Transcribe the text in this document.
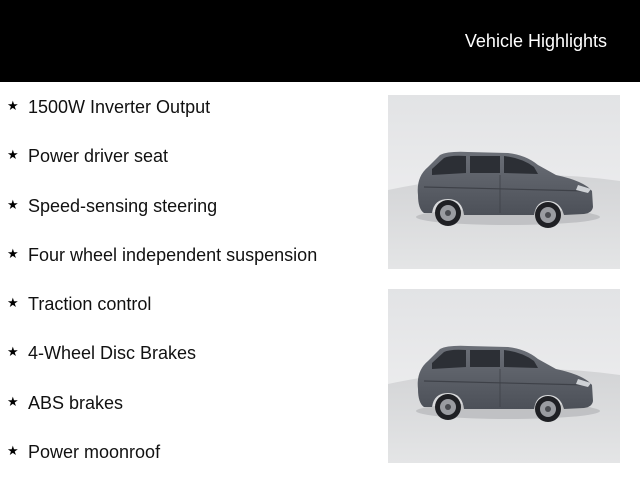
Vehicle Highlights
★ 1500W Inverter Output
★ Power driver seat
★ Speed-sensing steering
★ Four wheel independent suspension
★ Traction control
★ 4-Wheel Disc Brakes
★ ABS brakes
★ Power moonroof
